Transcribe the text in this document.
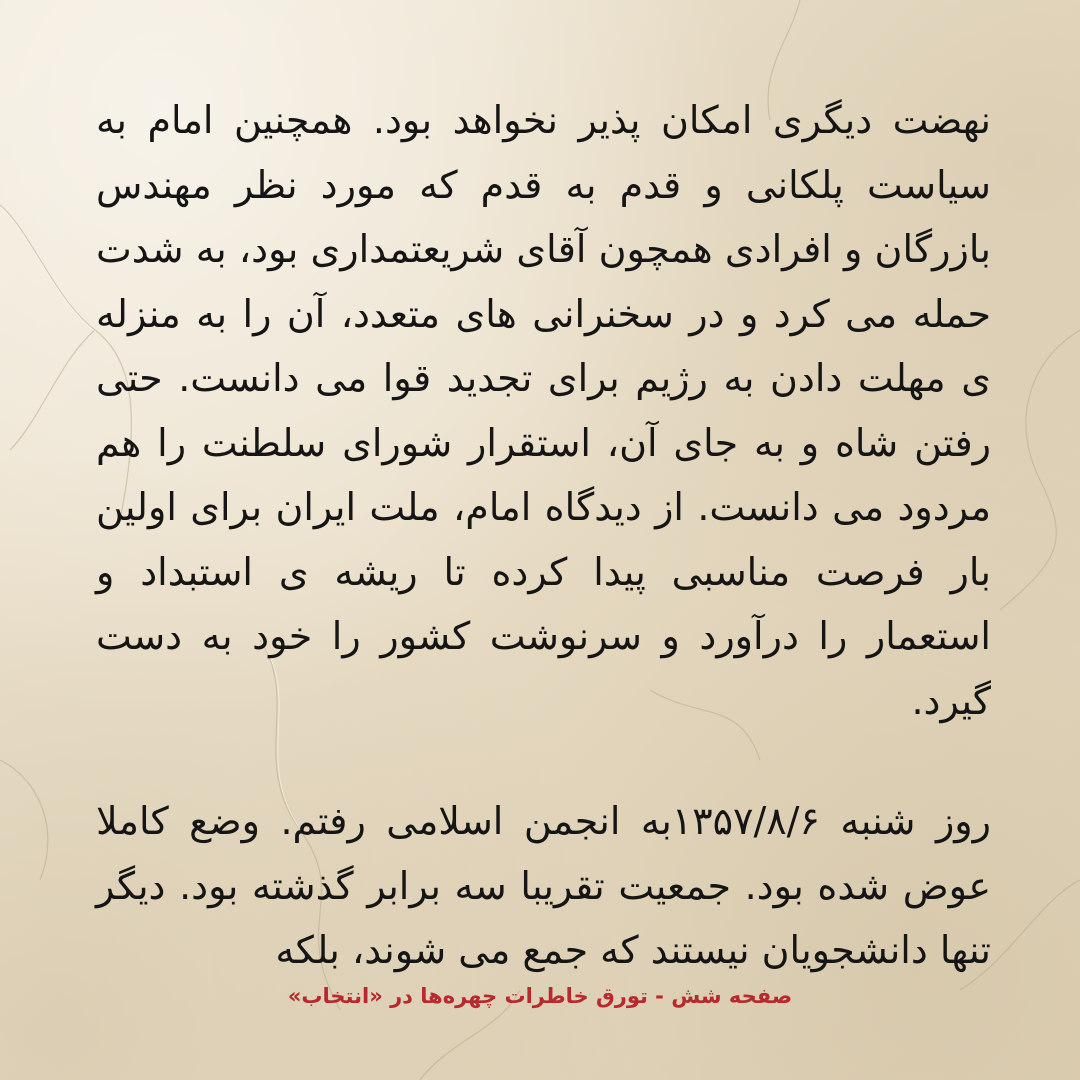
نهضت دیگری امکان پذیر نخواهد بود. همچنین امام به سیاست پلکانی و قدم به قدم که مورد نظر مهندس بازرگان و افرادی همچون آقای شریعتمداری بود، به شدت حمله می کرد و در سخنرانی های متعدد، آن را به منزله ی مهلت دادن به رژیم برای تجدید قوا می دانست. حتی رفتن شاه و به جای آن، استقرار شورای سلطنت را هم مردود می دانست. از دیدگاه امام، ملت ایران برای اولین بار فرصت مناسبی پیدا کرده تا ریشه ی استبداد و استعمار را درآورد و سرنوشت کشور را خود به دست گیرد.

روز شنبه ۱۳۵۷/۸/۶به انجمن اسلامی رفتم. وضع کاملا عوض شده بود. جمعیت تقریبا سه برابر گذشته بود. دیگر تنها دانشجویان نیستند که جمع می شوند، بلکه

صفحه شش - تورق خاطرات چهره‌ها در «انتخاب»
